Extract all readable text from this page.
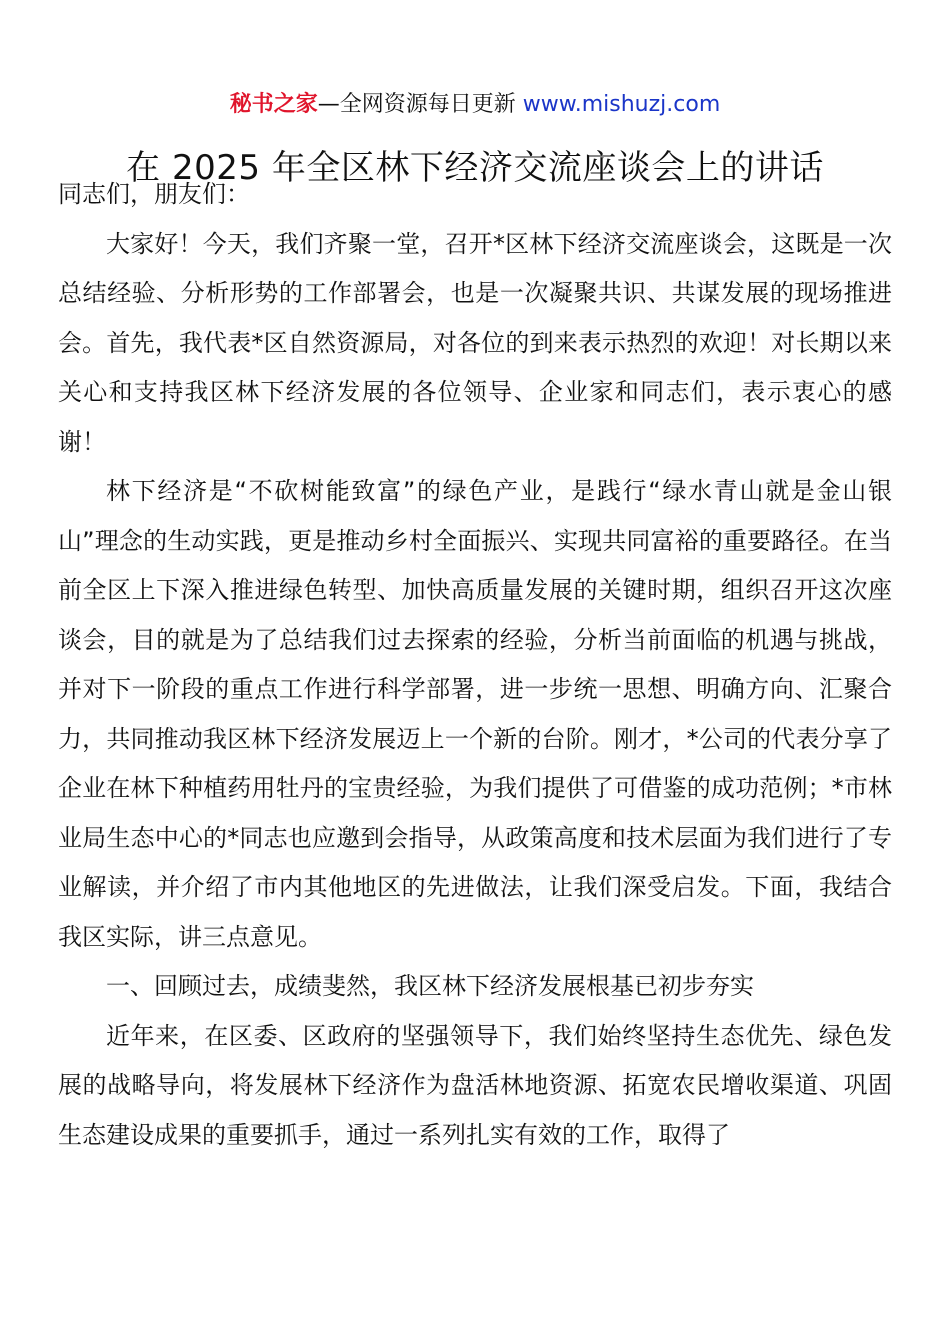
秘书之家—全网资源每日更新 www.mishuzj.com
在 2025 年全区林下经济交流座谈会上的讲话

同志们，朋友们：

大家好！今天，我们齐聚一堂，召开*区林下经济交流座谈会，这既是一次总结经验、分析形势的工作部署会，也是一次凝聚共识、共谋发展的现场推进会。首先，我代表*区自然资源局，对各位的到来表示热烈的欢迎！对长期以来关心和支持我区林下经济发展的各位领导、企业家和同志们，表示衷心的感谢！

林下经济是“不砍树能致富”的绿色产业，是践行“绿水青山就是金山银山”理念的生动实践，更是推动乡村全面振兴、实现共同富裕的重要路径。在当前全区上下深入推进绿色转型、加快高质量发展的关键时期，组织召开这次座谈会，目的就是为了总结我们过去探索的经验，分析当前面临的机遇与挑战，并对下一阶段的重点工作进行科学部署，进一步统一思想、明确方向、汇聚合力，共同推动我区林下经济发展迈上一个新的台阶。刚才，*公司的代表分享了企业在林下种植药用牡丹的宝贵经验，为我们提供了可借鉴的成功范例；*市林业局生态中心的*同志也应邀到会指导，从政策高度和技术层面为我们进行了专业解读，并介绍了市内其他地区的先进做法，让我们深受启发。下面，我结合我区实际，讲三点意见。

一、回顾过去，成绩斐然，我区林下经济发展根基已初步夯实

近年来，在区委、区政府的坚强领导下，我们始终坚持生态优先、绿色发展的战略导向，将发展林下经济作为盘活林地资源、拓宽农民增收渠道、巩固生态建设成果的重要抓手，通过一系列扎实有效的工作，取得了
